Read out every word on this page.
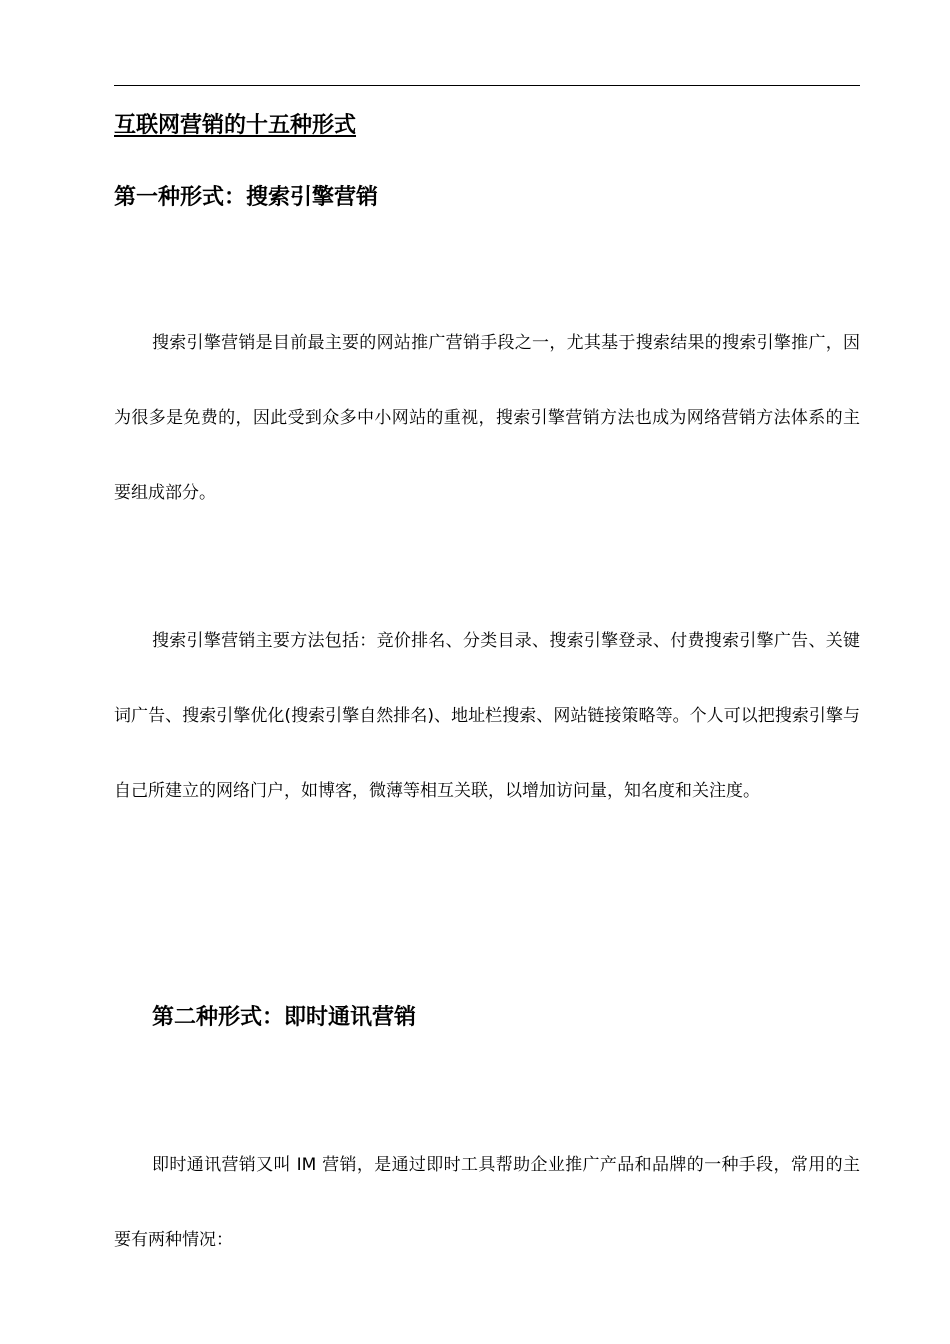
互联网营销的十五种形式
第一种形式：搜索引擎营销

搜索引擎营销是目前最主要的网站推广营销手段之一，尤其基于搜索结果的搜索引擎推广，因为很多是免费的，因此受到众多中小网站的重视，搜索引擎营销方法也成为网络营销方法体系的主要组成部分。

搜索引擎营销主要方法包括：竞价排名、分类目录、搜索引擎登录、付费搜索引擎广告、关键词广告、搜索引擎优化(搜索引擎自然排名)、地址栏搜索、网站链接策略等。个人可以把搜索引擎与自己所建立的网络门户，如博客，微薄等相互关联，以增加访问量，知名度和关注度。

第二种形式：即时通讯营销

即时通讯营销又叫 IM 营销，是通过即时工具帮助企业推广产品和品牌的一种手段，常用的主要有两种情况：
